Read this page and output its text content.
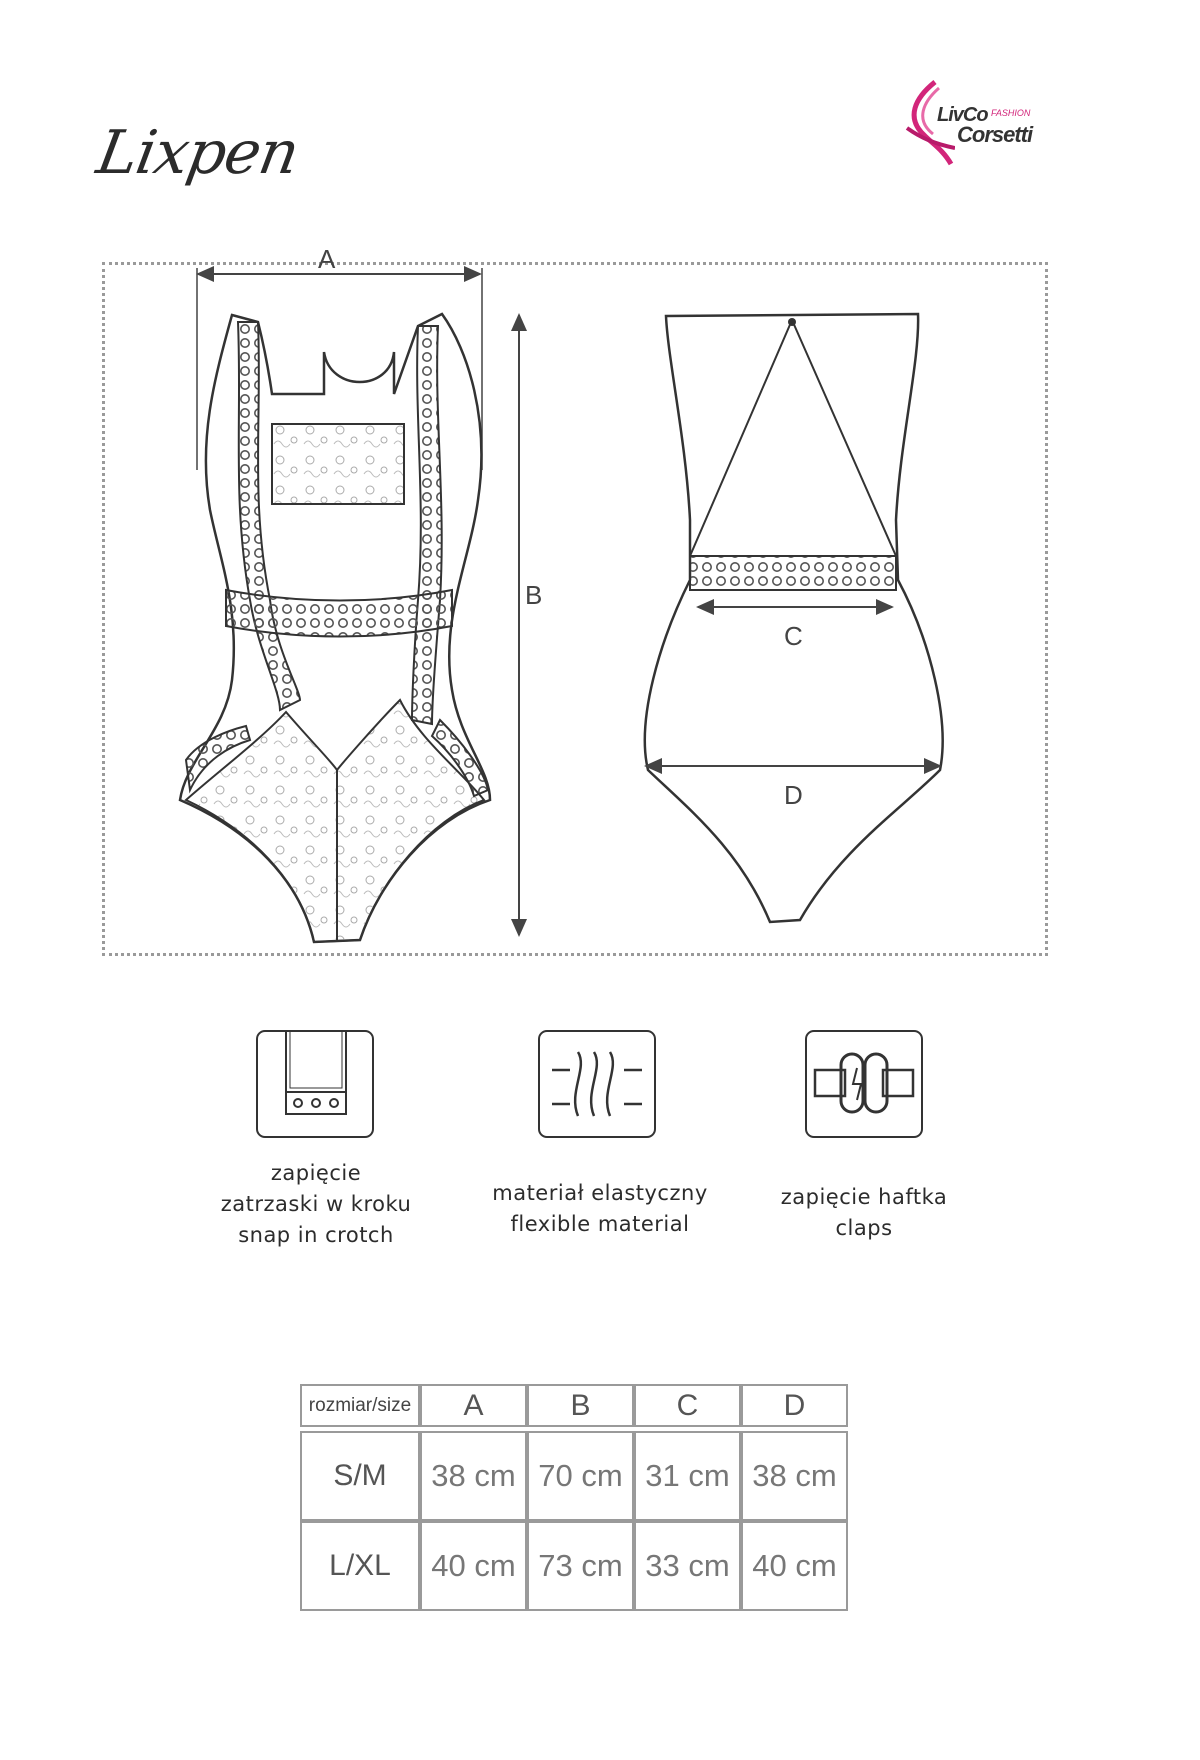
Lixpen
LivCo FASHION
Corsetti
A
B
C
D
zapięcie
zatrzaski w kroku
snap in crotch
materiał elastyczny
flexible material
zapięcie haftka
claps
rozmiar/size	A	B	C	D

S/M	38 cm	70 cm	31 cm	38 cm
L/XL	40 cm	73 cm	33 cm	40 cm
